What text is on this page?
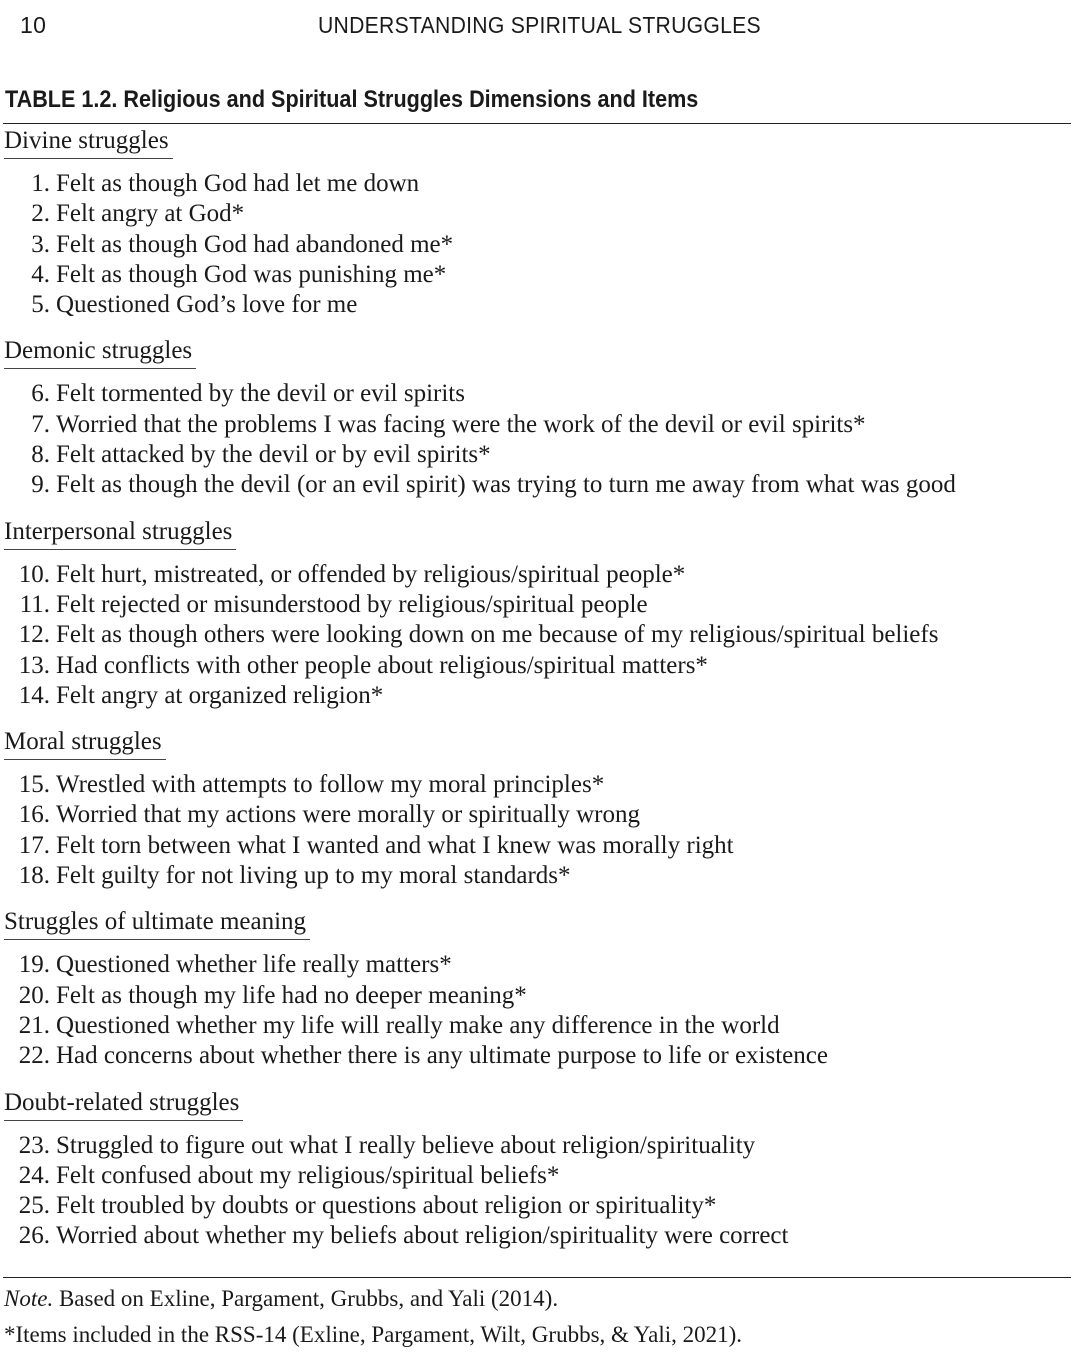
10	UNDERSTANDING SPIRITUAL STRUGGLES
TABLE 1.2. Religious and Spiritual Struggles Dimensions and Items
Divine struggles
1. Felt as though God had let me down
2. Felt angry at God*
3. Felt as though God had abandoned me*
4. Felt as though God was punishing me*
5. Questioned God’s love for me
Demonic struggles
6. Felt tormented by the devil or evil spirits
7. Worried that the problems I was facing were the work of the devil or evil spirits*
8. Felt attacked by the devil or by evil spirits*
9. Felt as though the devil (or an evil spirit) was trying to turn me away from what was good
Interpersonal struggles
10. Felt hurt, mistreated, or offended by religious/spiritual people*
11. Felt rejected or misunderstood by religious/spiritual people
12. Felt as though others were looking down on me because of my religious/spiritual beliefs
13. Had conflicts with other people about religious/spiritual matters*
14. Felt angry at organized religion*
Moral struggles
15. Wrestled with attempts to follow my moral principles*
16. Worried that my actions were morally or spiritually wrong
17. Felt torn between what I wanted and what I knew was morally right
18. Felt guilty for not living up to my moral standards*
Struggles of ultimate meaning
19. Questioned whether life really matters*
20. Felt as though my life had no deeper meaning*
21. Questioned whether my life will really make any difference in the world
22. Had concerns about whether there is any ultimate purpose to life or existence
Doubt-related struggles
23. Struggled to figure out what I really believe about religion/spirituality
24. Felt confused about my religious/spiritual beliefs*
25. Felt troubled by doubts or questions about religion or spirituality*
26. Worried about whether my beliefs about religion/spirituality were correct
Note. Based on Exline, Pargament, Grubbs, and Yali (2014).
*Items included in the RSS-14 (Exline, Pargament, Wilt, Grubbs, & Yali, 2021).
